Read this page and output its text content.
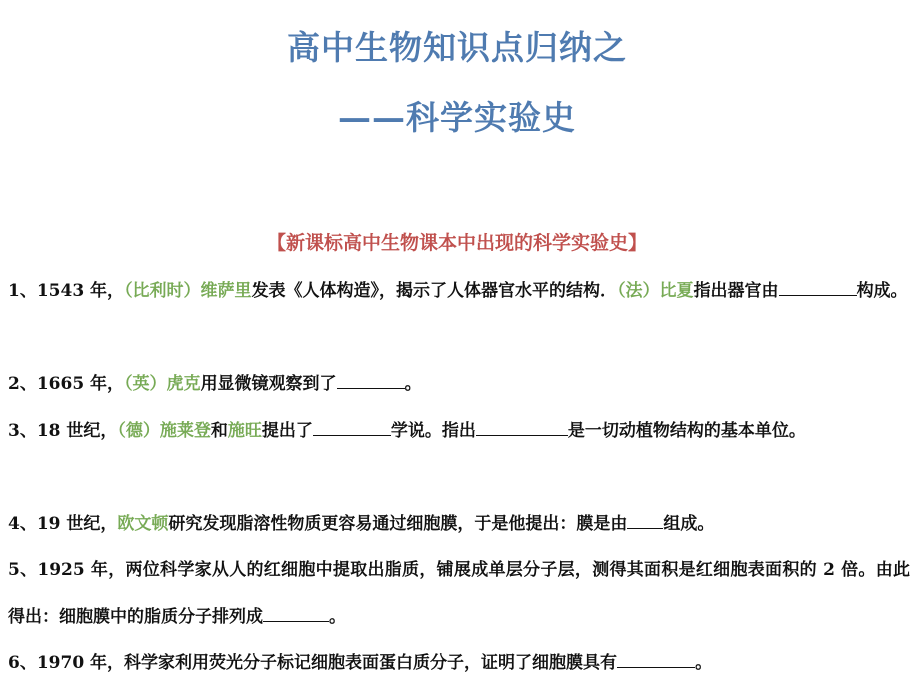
高中生物知识点归纳之
——科学实验史
【新课标高中生物课本中出现的科学实验史】

1、1543 年，（比利时）维萨里发表《人体构造》，揭示了人体器官水平的结构．（法）比夏指出器官由	构成。

2、1665 年，（英）虎克用显微镜观察到了	。

3、18 世纪，（德）施莱登和施旺提出了	学说。指出	是一切动植物结构的基本单位。

4、19 世纪，欧文顿研究发现脂溶性物质更容易通过细胞膜，于是他提出：膜是由 组成。

5、1925 年，两位科学家从人的红细胞中提取出脂质，铺展成单层分子层，测得其面积是红细胞表面积的 2 倍。由此得出：细胞膜中的脂质分子排列成	。

6、1970 年，科学家利用荧光分子标记细胞表面蛋白质分子，证明了细胞膜具有	。
